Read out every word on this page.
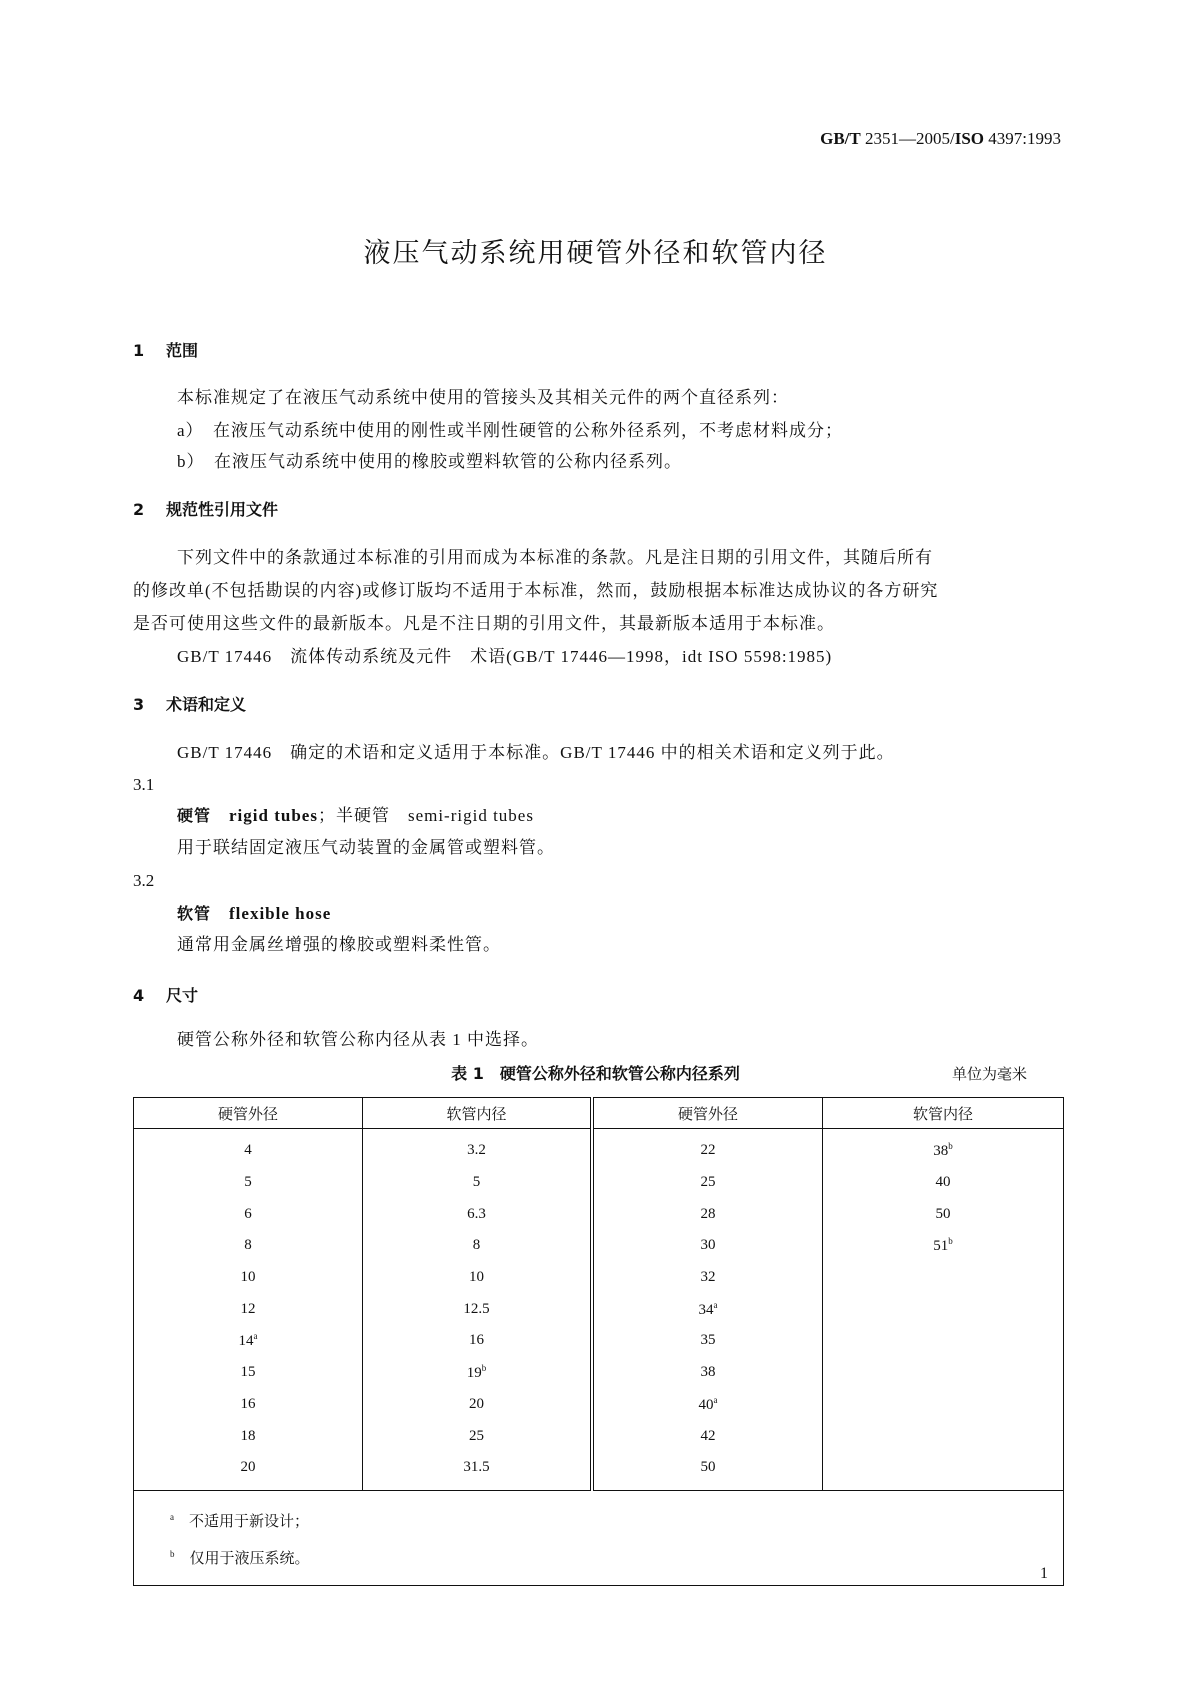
GB/T 2351—2005/ISO 4397:1993
液压气动系统用硬管外径和软管内径
1 范围
本标准规定了在液压气动系统中使用的管接头及其相关元件的两个直径系列：
a）　在液压气动系统中使用的刚性或半刚性硬管的公称外径系列，不考虑材料成分；
b）　在液压气动系统中使用的橡胶或塑料软管的公称内径系列。
2 规范性引用文件
下列文件中的条款通过本标准的引用而成为本标准的条款。凡是注日期的引用文件，其随后所有
的修改单(不包括勘误的内容)或修订版均不适用于本标准，然而，鼓励根据本标准达成协议的各方研究
是否可使用这些文件的最新版本。凡是不注日期的引用文件，其最新版本适用于本标准。
GB/T 17446　流体传动系统及元件　术语(GB/T 17446—1998，idt ISO 5598:1985)
3 术语和定义
GB/T 17446　确定的术语和定义适用于本标准。GB/T 17446 中的相关术语和定义列于此。
3.1
硬管　 rigid tubes；半硬管　 semi-rigid tubes
用于联结固定液压气动装置的金属管或塑料管。
3.2
软管　 flexible hose
通常用金属丝增强的橡胶或塑料柔性管。
4 尺寸
硬管公称外径和软管公称内径从表 1 中选择。
表 1　硬管公称外径和软管公称内径系列	单位为毫米
硬管外径	软管内径	硬管外径	软管内径
4	3.2	22	38$^b$
5	5	25	40
6	6.3	28	50
8	8	30	51$^b$
10	10	32	
12	12.5	34$^a$	
14$^a$	16	35	
15	19$^b$	38	
16	20	40$^a$	
18	25	42	
20	31.5	50	

$^a$　 不适用于新设计；
$^b$　 仅用于液压系统。			
1
